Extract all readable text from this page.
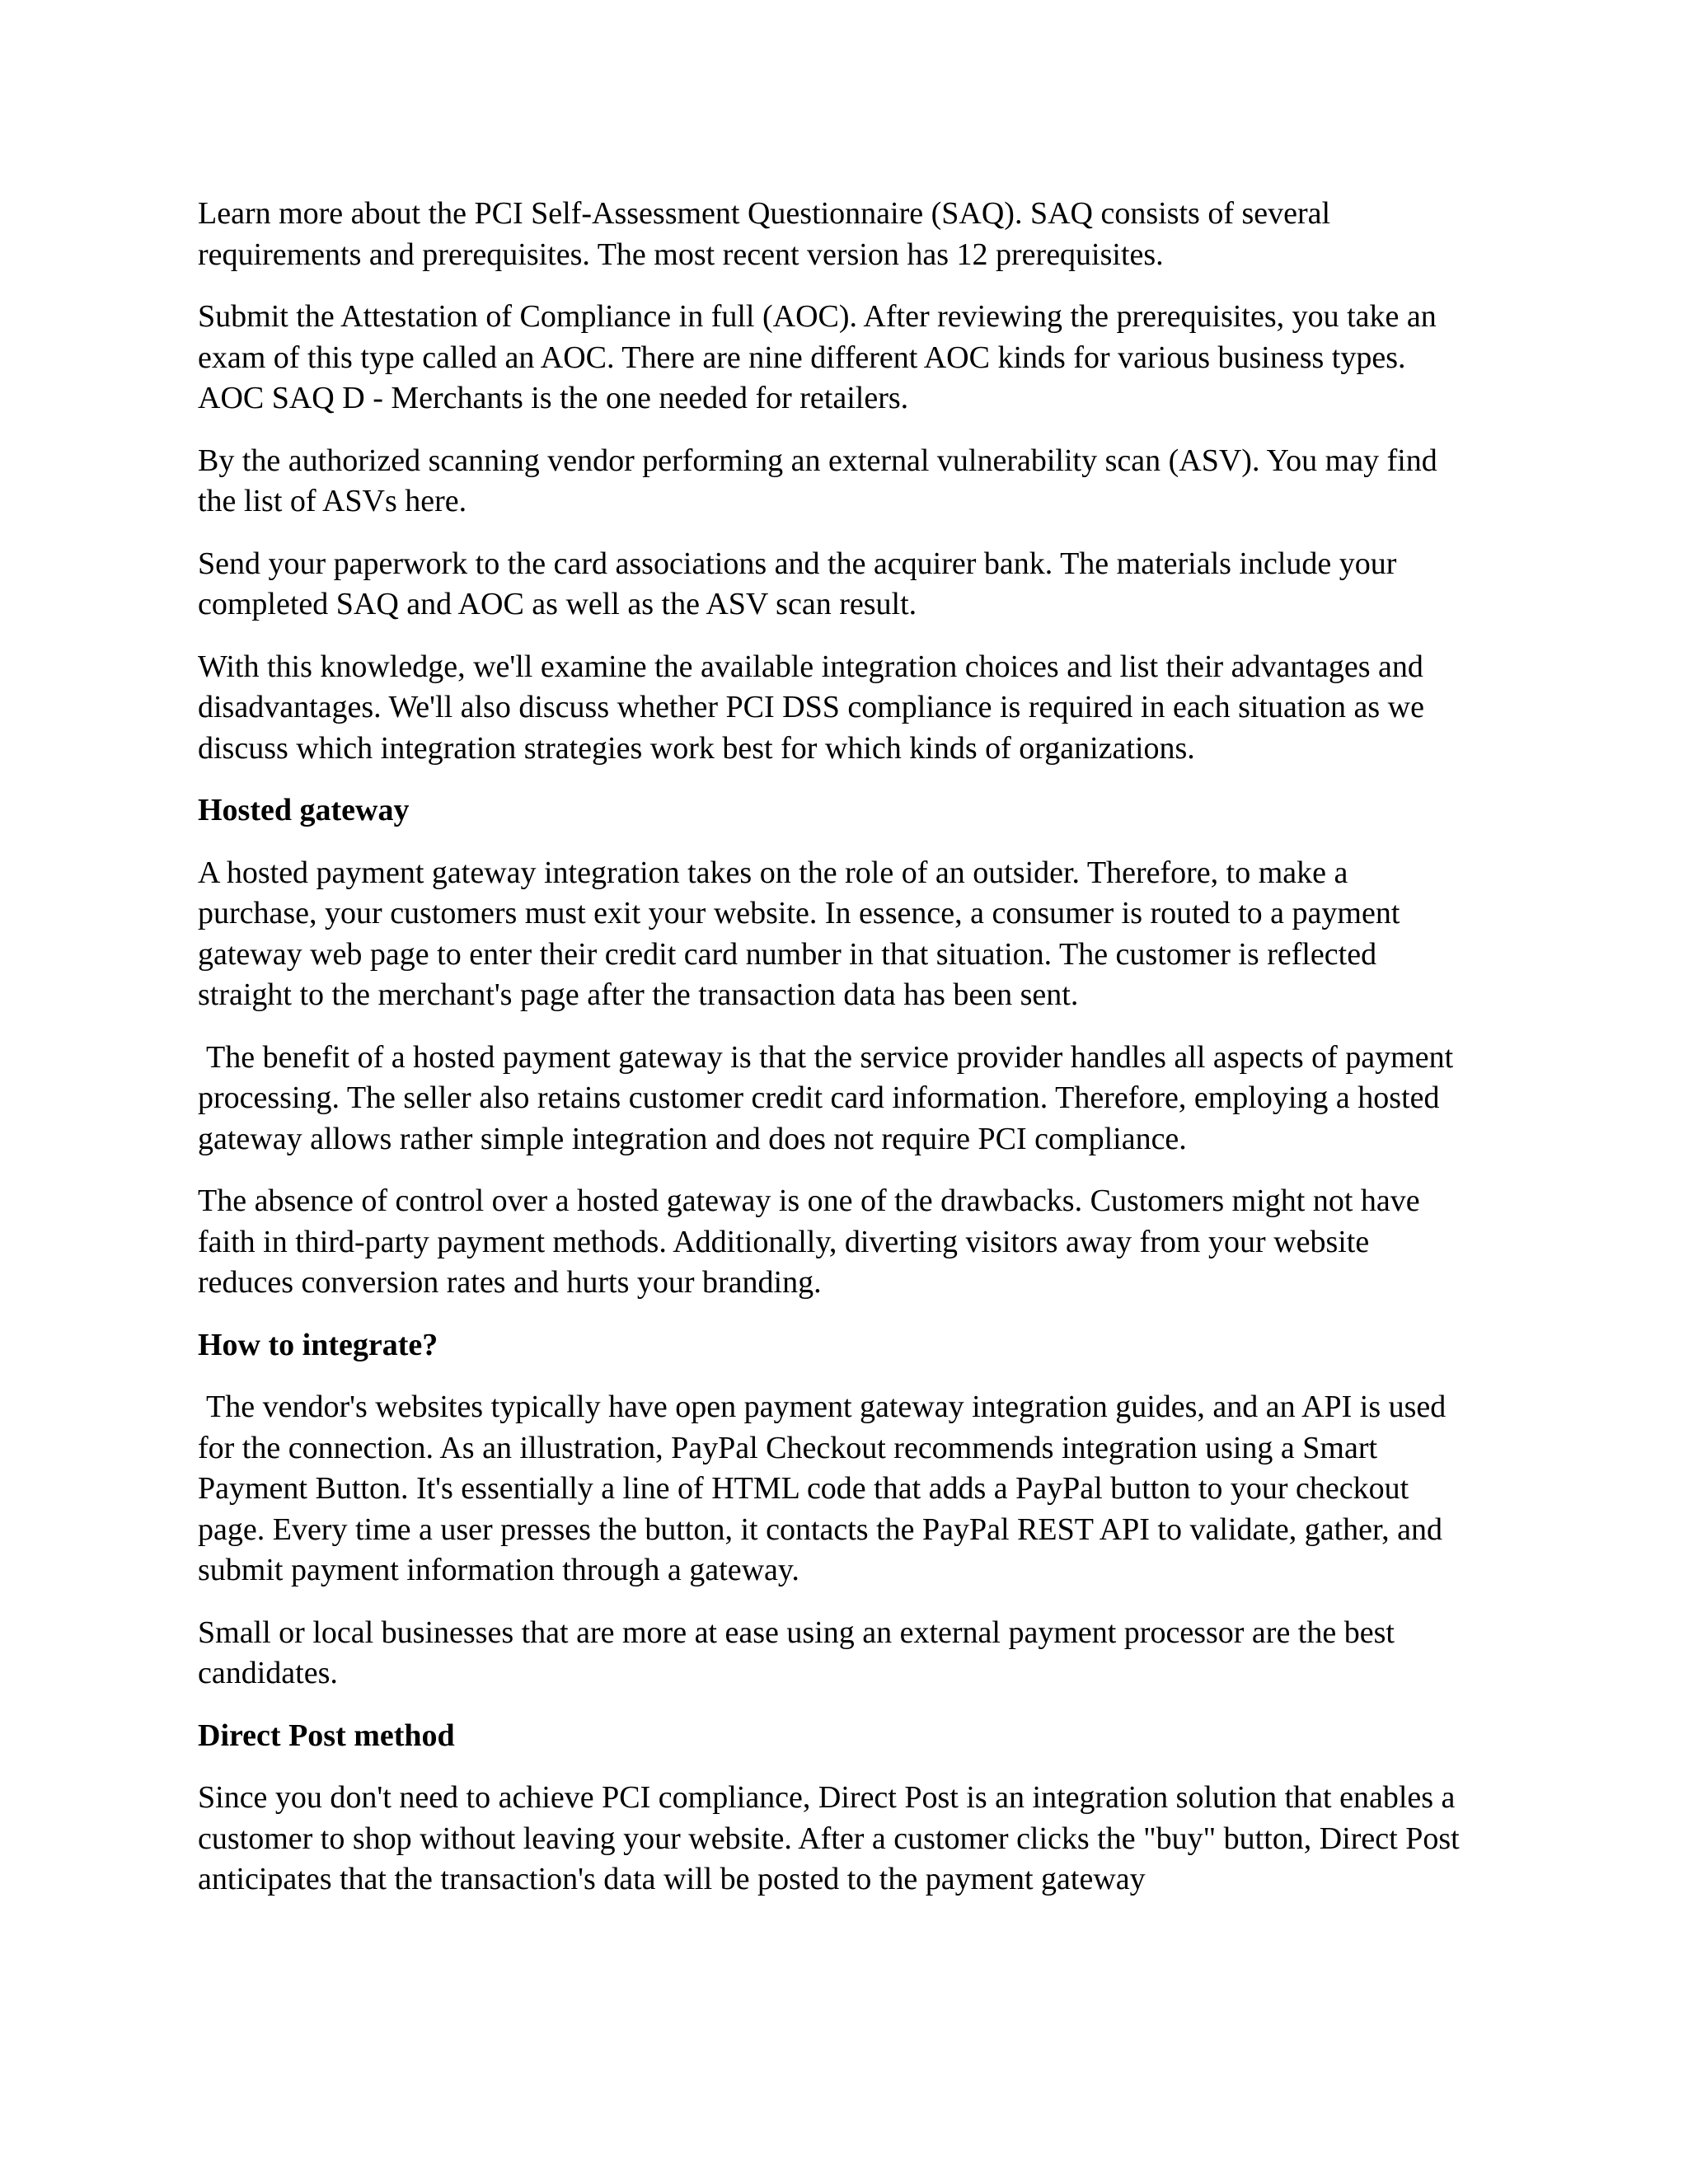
Learn more about the PCI Self-Assessment Questionnaire (SAQ). SAQ consists of several requirements and prerequisites. The most recent version has 12 prerequisites.

Submit the Attestation of Compliance in full (AOC). After reviewing the prerequisites, you take an exam of this type called an AOC. There are nine different AOC kinds for various business types. AOC SAQ D - Merchants is the one needed for retailers.

By the authorized scanning vendor performing an external vulnerability scan (ASV). You may find the list of ASVs here.

Send your paperwork to the card associations and the acquirer bank. The materials include your completed SAQ and AOC as well as the ASV scan result.

With this knowledge, we'll examine the available integration choices and list their advantages and disadvantages. We'll also discuss whether PCI DSS compliance is required in each situation as we discuss which integration strategies work best for which kinds of organizations.

Hosted gateway

A hosted payment gateway integration takes on the role of an outsider. Therefore, to make a purchase, your customers must exit your website. In essence, a consumer is routed to a payment gateway web page to enter their credit card number in that situation. The customer is reflected straight to the merchant's page after the transaction data has been sent.

The benefit of a hosted payment gateway is that the service provider handles all aspects of payment processing. The seller also retains customer credit card information. Therefore, employing a hosted gateway allows rather simple integration and does not require PCI compliance.

The absence of control over a hosted gateway is one of the drawbacks. Customers might not have faith in third-party payment methods. Additionally, diverting visitors away from your website reduces conversion rates and hurts your branding.

How to integrate?

The vendor's websites typically have open payment gateway integration guides, and an API is used for the connection. As an illustration, PayPal Checkout recommends integration using a Smart Payment Button. It's essentially a line of HTML code that adds a PayPal button to your checkout page. Every time a user presses the button, it contacts the PayPal REST API to validate, gather, and submit payment information through a gateway.

Small or local businesses that are more at ease using an external payment processor are the best candidates.

Direct Post method

Since you don't need to achieve PCI compliance, Direct Post is an integration solution that enables a customer to shop without leaving your website. After a customer clicks the "buy" button, Direct Post anticipates that the transaction's data will be posted to the payment gateway
